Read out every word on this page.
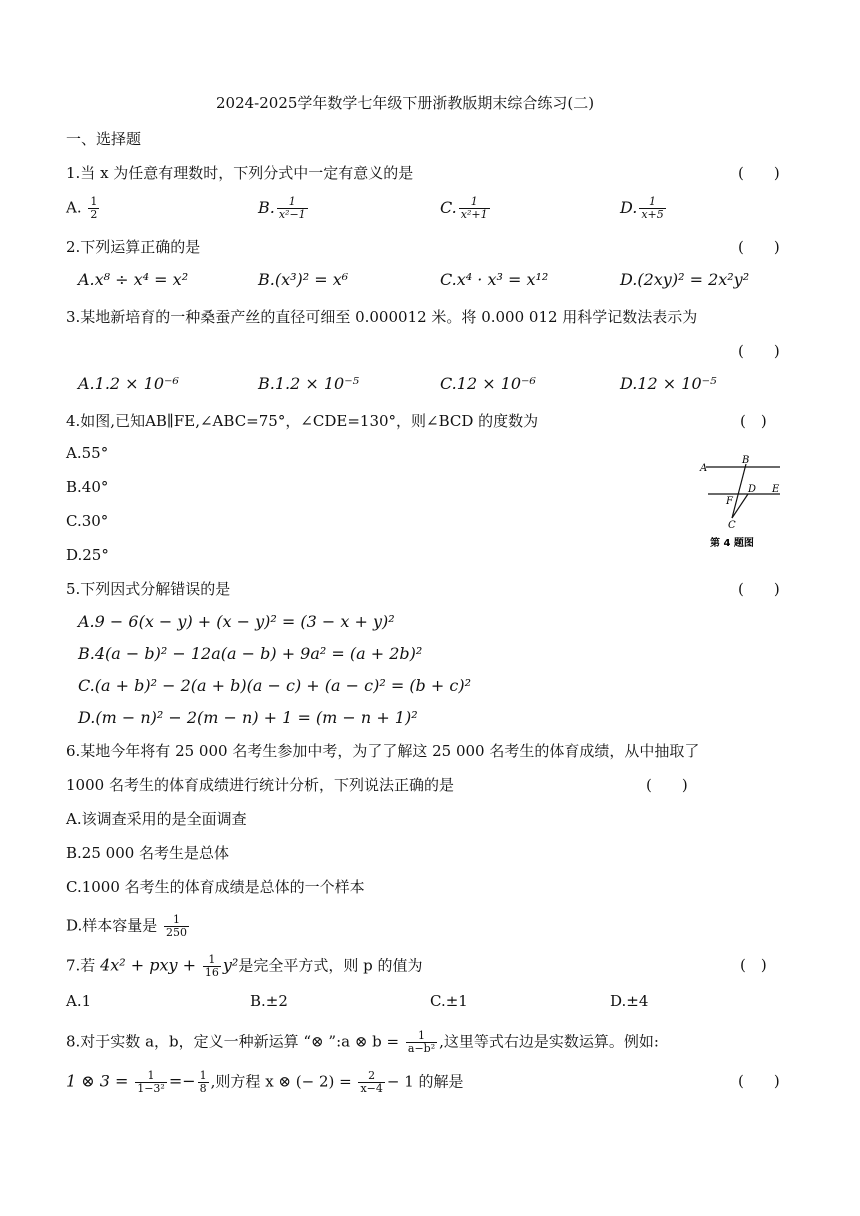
2024-2025学年数学七年级下册浙教版期末综合练习(二)
一、选择题
1.当 x 为任意有理数时，下列分式中一定有意义的是	(　　)
A. $\frac{1}{2}$	B. $\frac{1}{\text{x²−1}}$	C. $\frac{1}{\text{x²+1}}$	D. $\frac{1}{x+5}$
2.下列运算正确的是	(　　)
A.x⁸ ÷ x⁴ = x²	B.(x³)² = x⁶	C.x⁴ · x³ = x¹²	D.(2xy)² = 2x²y²
3.某地新培育的一种桑蚕产丝的直径可细至 0.000012 米。将 0.000 012 用科学记数法表示为
(　　)
A.1.2 × 10⁻⁶	B.1.2 × 10⁻⁵	C.12 × 10⁻⁶	D.12 × 10⁻⁵
4.如图,已知AB∥FE,∠ABC=75°，∠CDE=130°，则∠BCD 的度数为	(　)
A.55°
B.40°
C.30°
D.25°
A
B
D E
F
C
第 4 题图
5.下列因式分解错误的是	(　　)
A.9 − 6(x − y) + (x − y)² = (3 − x + y)²
B.4(a − b)² − 12a(a − b) + 9a² = (a + 2b)²
C.(a + b)² − 2(a + b)(a − c) + (a − c)² = (b + c)²
D.(m − n)² − 2(m − n) + 1 = (m − n + 1)²
6.某地今年将有 25 000 名考生参加中考，为了了解这 25 000 名考生的体育成绩，从中抽取了
1000 名考生的体育成绩进行统计分析，下列说法正确的是	(　　)
A.该调查采用的是全面调查
B.25 000 名考生是总体
C.1000 名考生的体育成绩是总体的一个样本
D.样本容量是 $\frac{1}{250}$
7.若 4x² + pxy + $\frac{1}{16} y^2$是完全平方式，则 p 的值为	(　)
A.1	B.±2	C.±1	D.±4
8.对于实数 a，b，定义一种新运算 “⊗ ”:a ⊗ $b = \frac{1}{\text{a−b²}}$ ,这里等式右边是实数运算。例如:
1 ⊗ $3 = \frac{1}{\text{1−3²}} =- \frac{1}{8}$ ,则方程 x ⊗ (− $2) = \frac{2}{x-4} - 1$ 的解是	(　　)
